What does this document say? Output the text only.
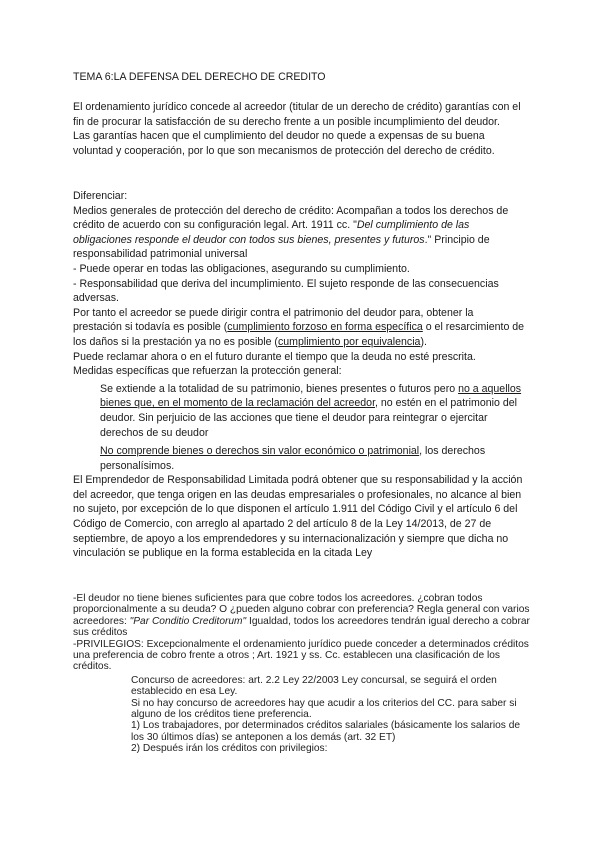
TEMA 6:LA DEFENSA DEL DERECHO DE CREDITO

El ordenamiento jurídico concede al acreedor (titular de un derecho de crédito) garantías con el fin de procurar la satisfacción de su derecho frente a un posible incumplimiento del deudor.

Las garantías hacen que el cumplimiento del deudor no quede a expensas de su buena voluntad y cooperación, por lo que son mecanismos de protección del derecho de crédito.

Diferenciar:

Medios generales de protección del derecho de crédito: Acompañan a todos los derechos de crédito de acuerdo con su configuración legal. Art. 1911 cc. "Del cumplimiento de las obligaciones responde el deudor con todos sus bienes, presentes y futuros." Principio de responsabilidad patrimonial universal

- Puede operar en todas las obligaciones, asegurando su cumplimiento.

- Responsabilidad que deriva del incumplimiento. El sujeto responde de las consecuencias adversas.

Por tanto el acreedor se puede dirigir contra el patrimonio del deudor para, obtener la prestación si todavía es posible (cumplimiento forzoso en forma específica o el resarcimiento de los daños si la prestación ya no es posible (cumplimiento por equivalencia).

Puede reclamar ahora o en el futuro durante el tiempo que la deuda no esté prescrita.

Medidas específicas que refuerzan la protección general:

Se extiende a la totalidad de su patrimonio, bienes presentes o futuros pero no a aquellos bienes que, en el momento de la reclamación del acreedor, no estén en el patrimonio del deudor. Sin perjuicio de las acciones que tiene el deudor para reintegrar o ejercitar derechos de su deudor

No comprende bienes o derechos sin valor económico o patrimonial, los derechos personalísimos.

El Emprendedor de Responsabilidad Limitada podrá obtener que su responsabilidad y la acción del acreedor, que tenga origen en las deudas empresariales o profesionales, no alcance al bien no sujeto, por excepción de lo que disponen el artículo 1.911 del Código Civil y el artículo 6 del Código de Comercio, con arreglo al apartado 2 del artículo 8 de la Ley 14/2013, de 27 de septiembre, de apoyo a los emprendedores y su internacionalización y siempre que dicha no vinculación se publique en la forma establecida en la citada Ley

-El deudor no tiene bienes suficientes para que cobre todos los acreedores. ¿cobran todos proporcionalmente a su deuda? O ¿pueden alguno cobrar con preferencia? Regla general con varios acreedores: "Par Conditio Creditorum" Igualdad, todos los acreedores tendrán igual derecho a cobrar sus créditos

-PRIVILEGIOS: Excepcionalmente el ordenamiento jurídico puede conceder a determinados créditos una preferencia de cobro frente a otros ; Art. 1921 y ss. Cc. establecen una clasificación de los créditos.

Concurso de acreedores: art. 2.2 Ley 22/2003 Ley concursal, se seguirá el orden establecido en esa Ley.

Si no hay concurso de acreedores hay que acudir a los criterios del CC. para saber si alguno de los créditos tiene preferencia.

1) Los trabajadores, por determinados créditos salariales (básicamente los salarios de los 30 últimos días) se anteponen a los demás (art. 32 ET)

2) Después irán los créditos con privilegios:
